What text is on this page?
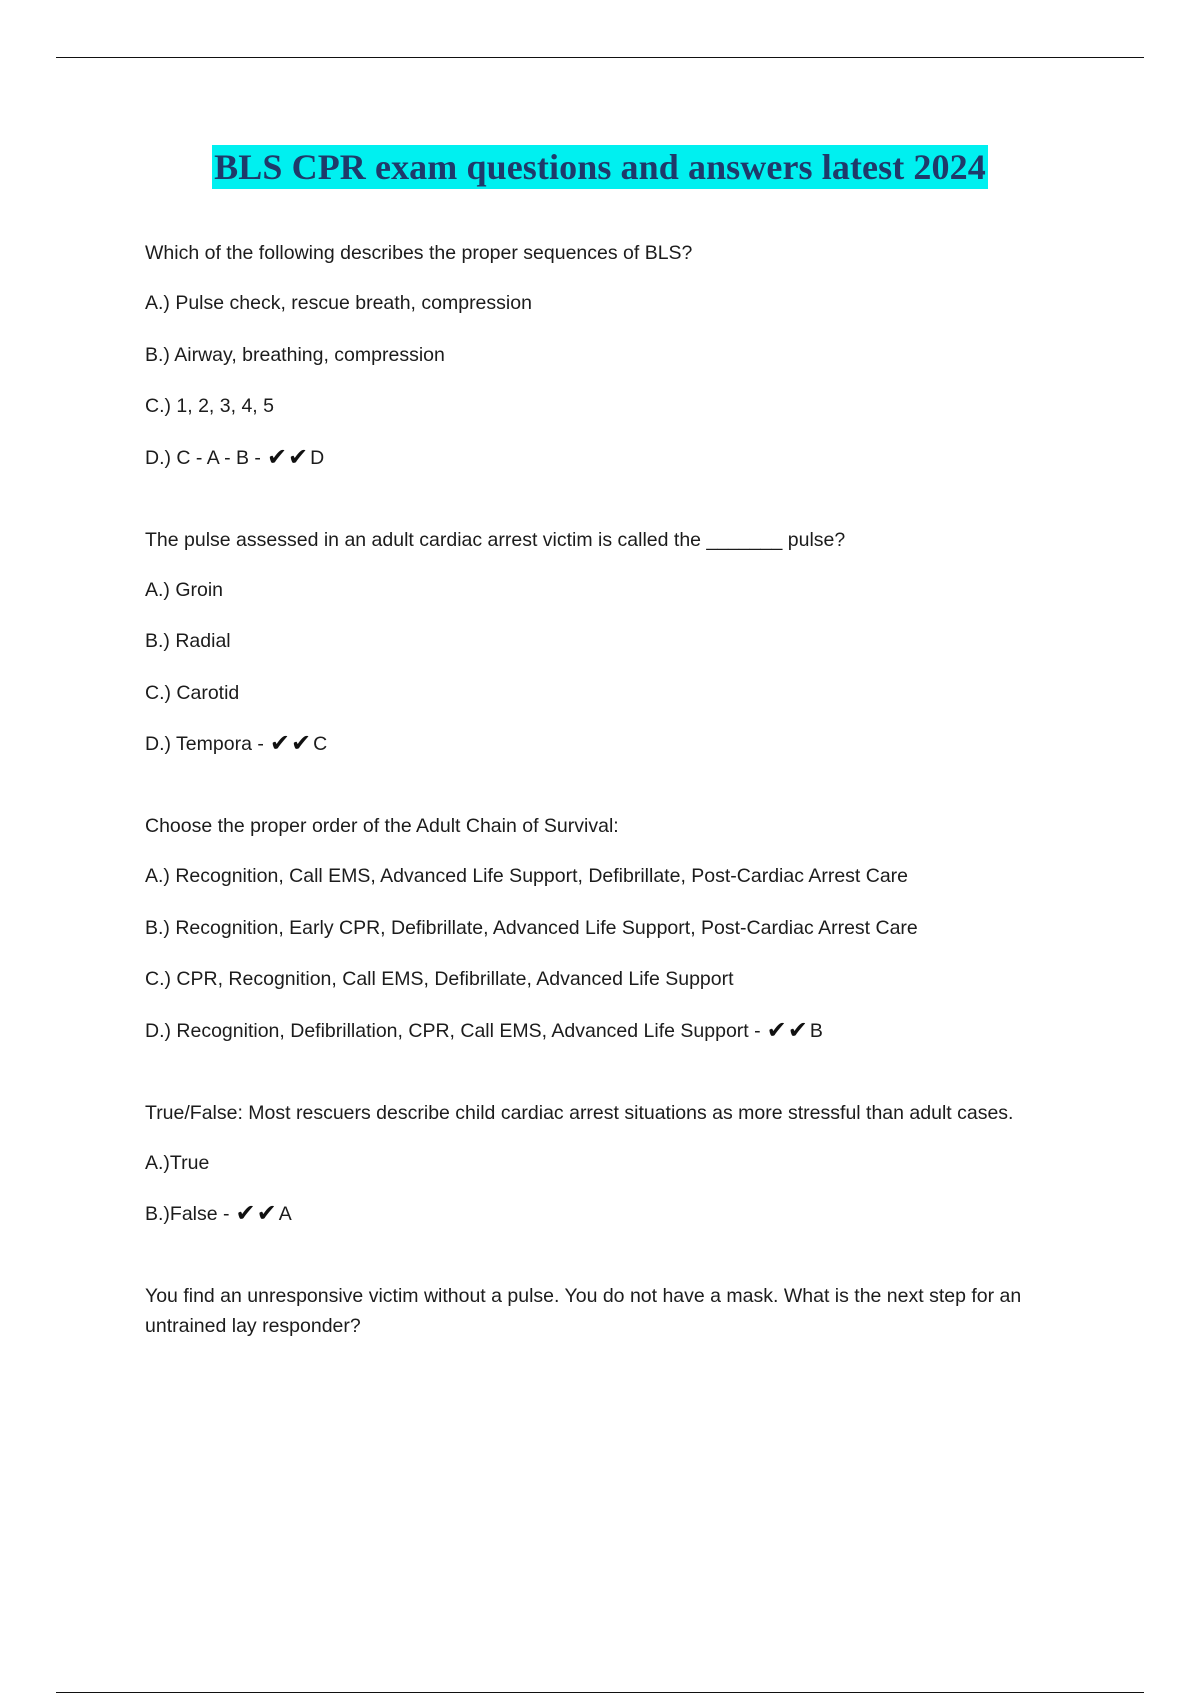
BLS CPR exam questions and answers latest 2024
Which of the following describes the proper sequences of BLS?
A.) Pulse check, rescue breath, compression
B.) Airway, breathing, compression
C.) 1, 2, 3, 4, 5
D.) C - A - B - ✔✔ D
The pulse assessed in an adult cardiac arrest victim is called the _______ pulse?
A.) Groin
B.) Radial
C.) Carotid
D.) Tempora - ✔✔ C
Choose the proper order of the Adult Chain of Survival:
A.) Recognition, Call EMS, Advanced Life Support, Defibrillate, Post-Cardiac Arrest Care
B.) Recognition, Early CPR, Defibrillate, Advanced Life Support, Post-Cardiac Arrest Care
C.) CPR, Recognition, Call EMS, Defibrillate, Advanced Life Support
D.) Recognition, Defibrillation, CPR, Call EMS, Advanced Life Support - ✔✔ B
True/False: Most rescuers describe child cardiac arrest situations as more stressful than adult cases.
A.)True
B.)False - ✔✔ A
You find an unresponsive victim without a pulse. You do not have a mask. What is the next step for an untrained lay responder?
